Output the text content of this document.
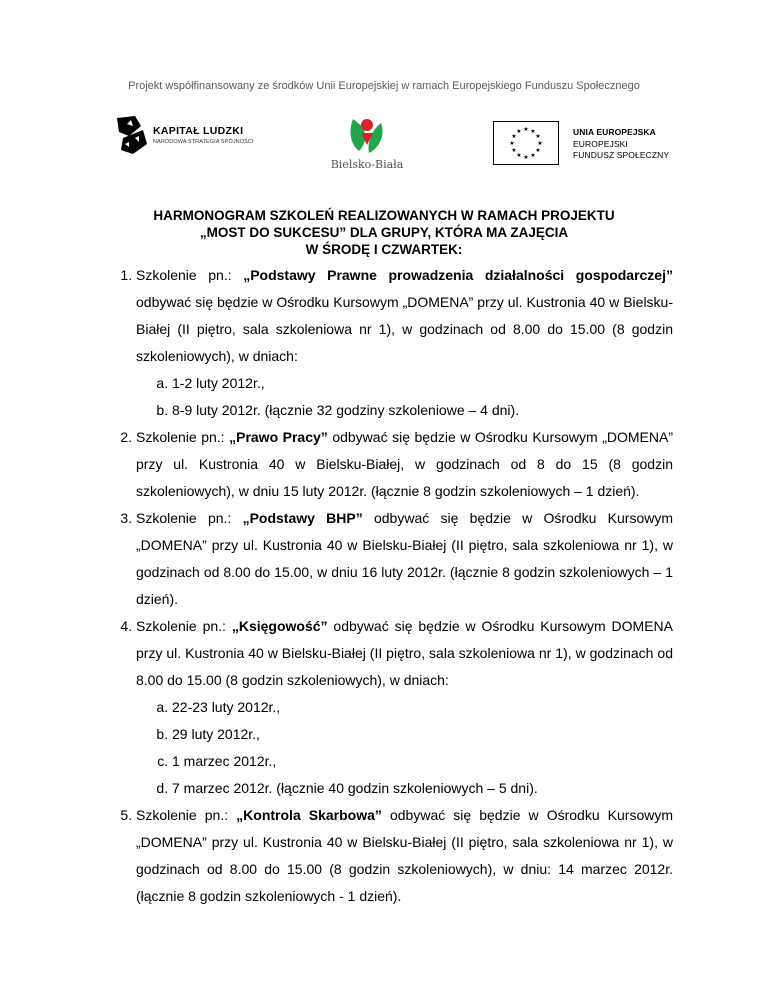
Projekt współfinansowany ze środków Unii Europejskiej w ramach Europejskiego Funduszu Społecznego
KAPITAŁ LUDZKI
NARODOWA STRATEGIA SPÓJNOŚCI
Bielsko-Biała
★ ★
★
★
★
★
★
★
★
★
★
★	UNIA EUROPEJSKA
EUROPEJSKI
FUNDUSZ SPOŁECZNY
HARMONOGRAM SZKOLEŃ REALIZOWANYCH W RAMACH PROJEKTU
„MOST DO SUKCESU” DLA GRUPY, KTÓRA MA ZAJĘCIA
W ŚRODĘ I CZWARTEK:
1. Szkolenie pn.: „Podstawy Prawne prowadzenia działalności gospodarczej” odbywać się będzie w Ośrodku Kursowym „DOMENA” przy ul. Kustronia 40 w Bielsku-Białej (II piętro, sala szkoleniowa nr 1), w godzinach od 8.00 do 15.00 (8 godzin szkoleniowych), w dniach:
a. 1-2 luty 2012r.,
b. 8-9 luty 2012r. (łącznie 32 godziny szkoleniowe – 4 dni).
2. Szkolenie pn.: „Prawo Pracy” odbywać się będzie w Ośrodku Kursowym „DOMENA” przy ul. Kustronia 40 w Bielsku-Białej, w godzinach od 8 do 15 (8 godzin szkoleniowych), w dniu 15 luty 2012r. (łącznie 8 godzin szkoleniowych – 1 dzień).
3. Szkolenie pn.: „Podstawy BHP” odbywać się będzie w Ośrodku Kursowym „DOMENA” przy ul. Kustronia 40 w Bielsku-Białej (II piętro, sala szkoleniowa nr 1), w godzinach od 8.00 do 15.00, w dniu 16 luty 2012r. (łącznie 8 godzin szkoleniowych – 1 dzień).
4. Szkolenie pn.: „Księgowość” odbywać się będzie w Ośrodku Kursowym DOMENA przy ul. Kustronia 40 w Bielsku-Białej (II piętro, sala szkoleniowa nr 1), w godzinach od 8.00 do 15.00 (8 godzin szkoleniowych), w dniach:
a. 22-23 luty 2012r.,
b. 29 luty 2012r.,
c. 1 marzec 2012r.,
d. 7 marzec 2012r. (łącznie 40 godzin szkoleniowych – 5 dni).
5. Szkolenie pn.: „Kontrola Skarbowa” odbywać się będzie w Ośrodku Kursowym „DOMENA” przy ul. Kustronia 40 w Bielsku-Białej (II piętro, sala szkoleniowa nr 1), w godzinach od 8.00 do 15.00 (8 godzin szkoleniowych), w dniu: 14 marzec 2012r. (łącznie 8 godzin szkoleniowych - 1 dzień).
